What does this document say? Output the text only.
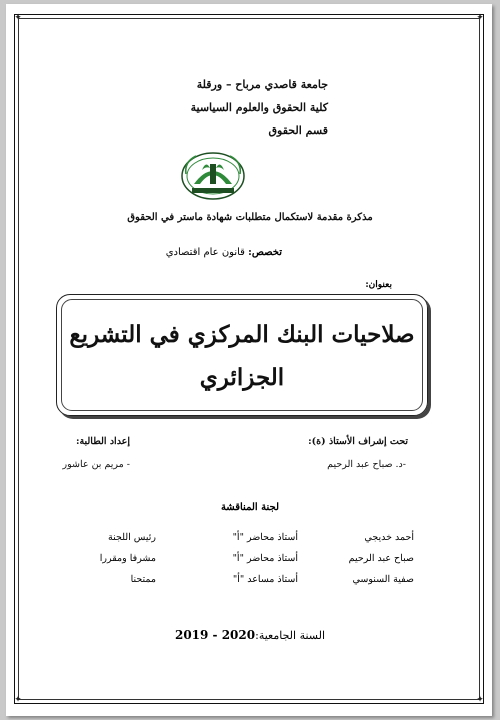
✦	✦
✦	✦
جامعة قاصدي مرباح – ورقلة
كلية الحقوق والعلوم السياسية
قسم الحقوق
مذكرة مقدمة لاستكمال متطلبات شهادة ماستر في الحقوق
تخصص: قانون عام اقتصادي
بعنوان:
صلاحيات البنك المركزي في التشريع الجزائري
تحت إشراف الأستاذ (ة):
-د. صباح عبد الرحيم
إعداد الطالبة:
- مريم بن عاشور
لجنة المناقشة
أحمد خديجي
أستاذ محاضر "أ"
رئيس اللجنة
صباح عبد الرحيم
أستاذ محاضر "أ"
مشرفا ومقررا
صفية السنوسي
أستاذ مساعد "أ"
ممتحنا
السنة الجامعية:2019 - 2020
